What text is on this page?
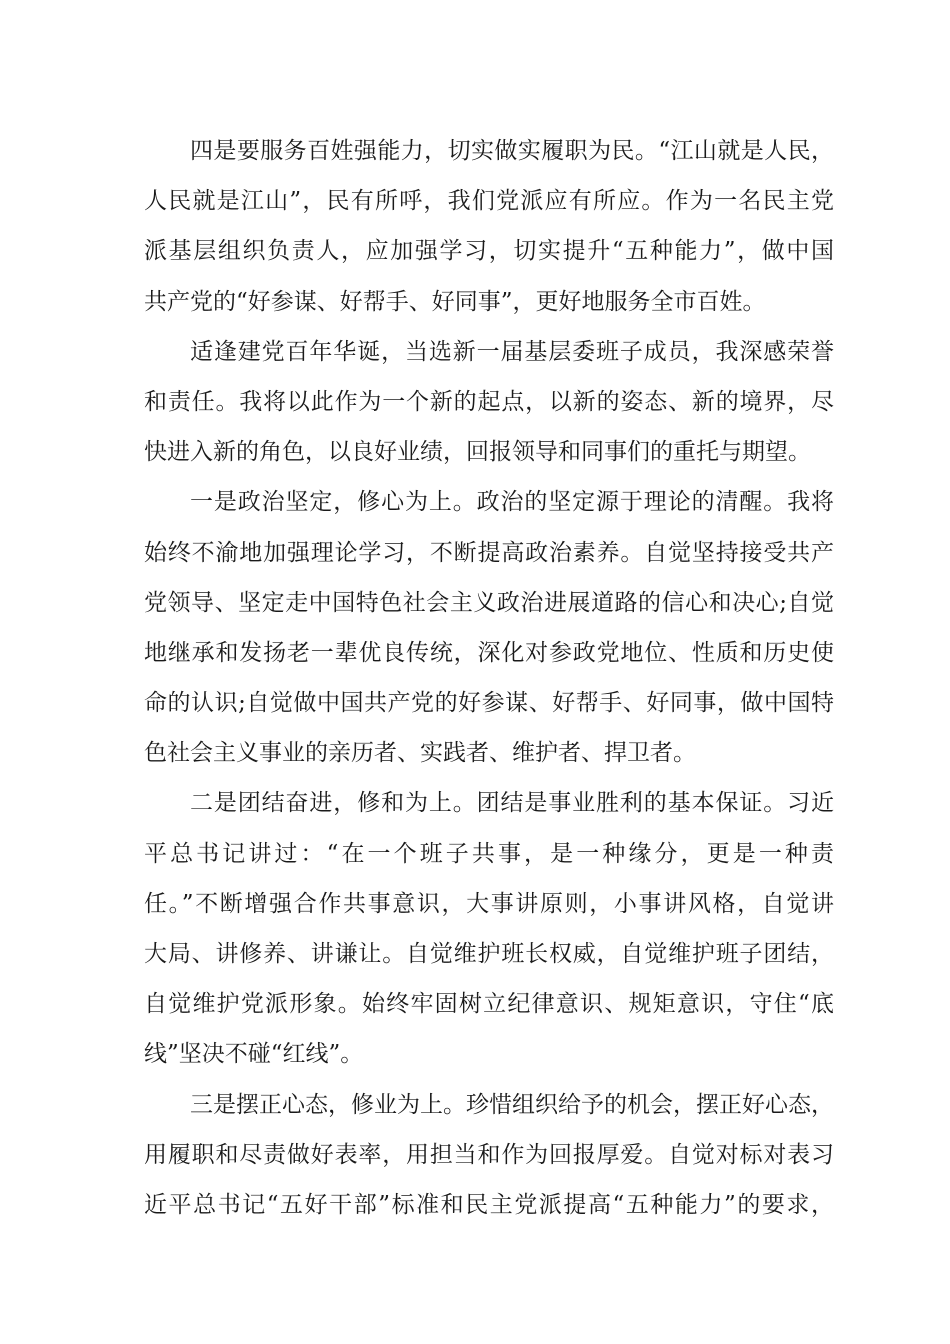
四是要服务百姓强能力，切实做实履职为民。“江山就是人民，
人民就是江山”，民有所呼，我们党派应有所应。作为一名民主党
派基层组织负责人，应加强学习，切实提升“五种能力”，做中国
共产党的“好参谋、好帮手、好同事”，更好地服务全市百姓。
适逢建党百年华诞，当选新一届基层委班子成员，我深感荣誉
和责任。我将以此作为一个新的起点，以新的姿态、新的境界，尽
快进入新的角色，以良好业绩，回报领导和同事们的重托与期望。
一是政治坚定，修心为上。政治的坚定源于理论的清醒。我将
始终不渝地加强理论学习，不断提高政治素养。自觉坚持接受共产
党领导、坚定走中国特色社会主义政治进展道路的信心和决心;自觉
地继承和发扬老一辈优良传统，深化对参政党地位、性质和历史使
命的认识;自觉做中国共产党的好参谋、好帮手、好同事，做中国特
色社会主义事业的亲历者、实践者、维护者、捍卫者。
二是团结奋进，修和为上。团结是事业胜利的基本保证。习近
平总书记讲过：“在一个班子共事，是一种缘分，更是一种责
任。”不断增强合作共事意识，大事讲原则，小事讲风格，自觉讲
大局、讲修养、讲谦让。自觉维护班长权威，自觉维护班子团结，
自觉维护党派形象。始终牢固树立纪律意识、规矩意识，守住“底
线”坚决不碰“红线”。
三是摆正心态，修业为上。珍惜组织给予的机会，摆正好心态，
用履职和尽责做好表率，用担当和作为回报厚爱。自觉对标对表习
近平总书记“五好干部”标准和民主党派提高“五种能力”的要求，
